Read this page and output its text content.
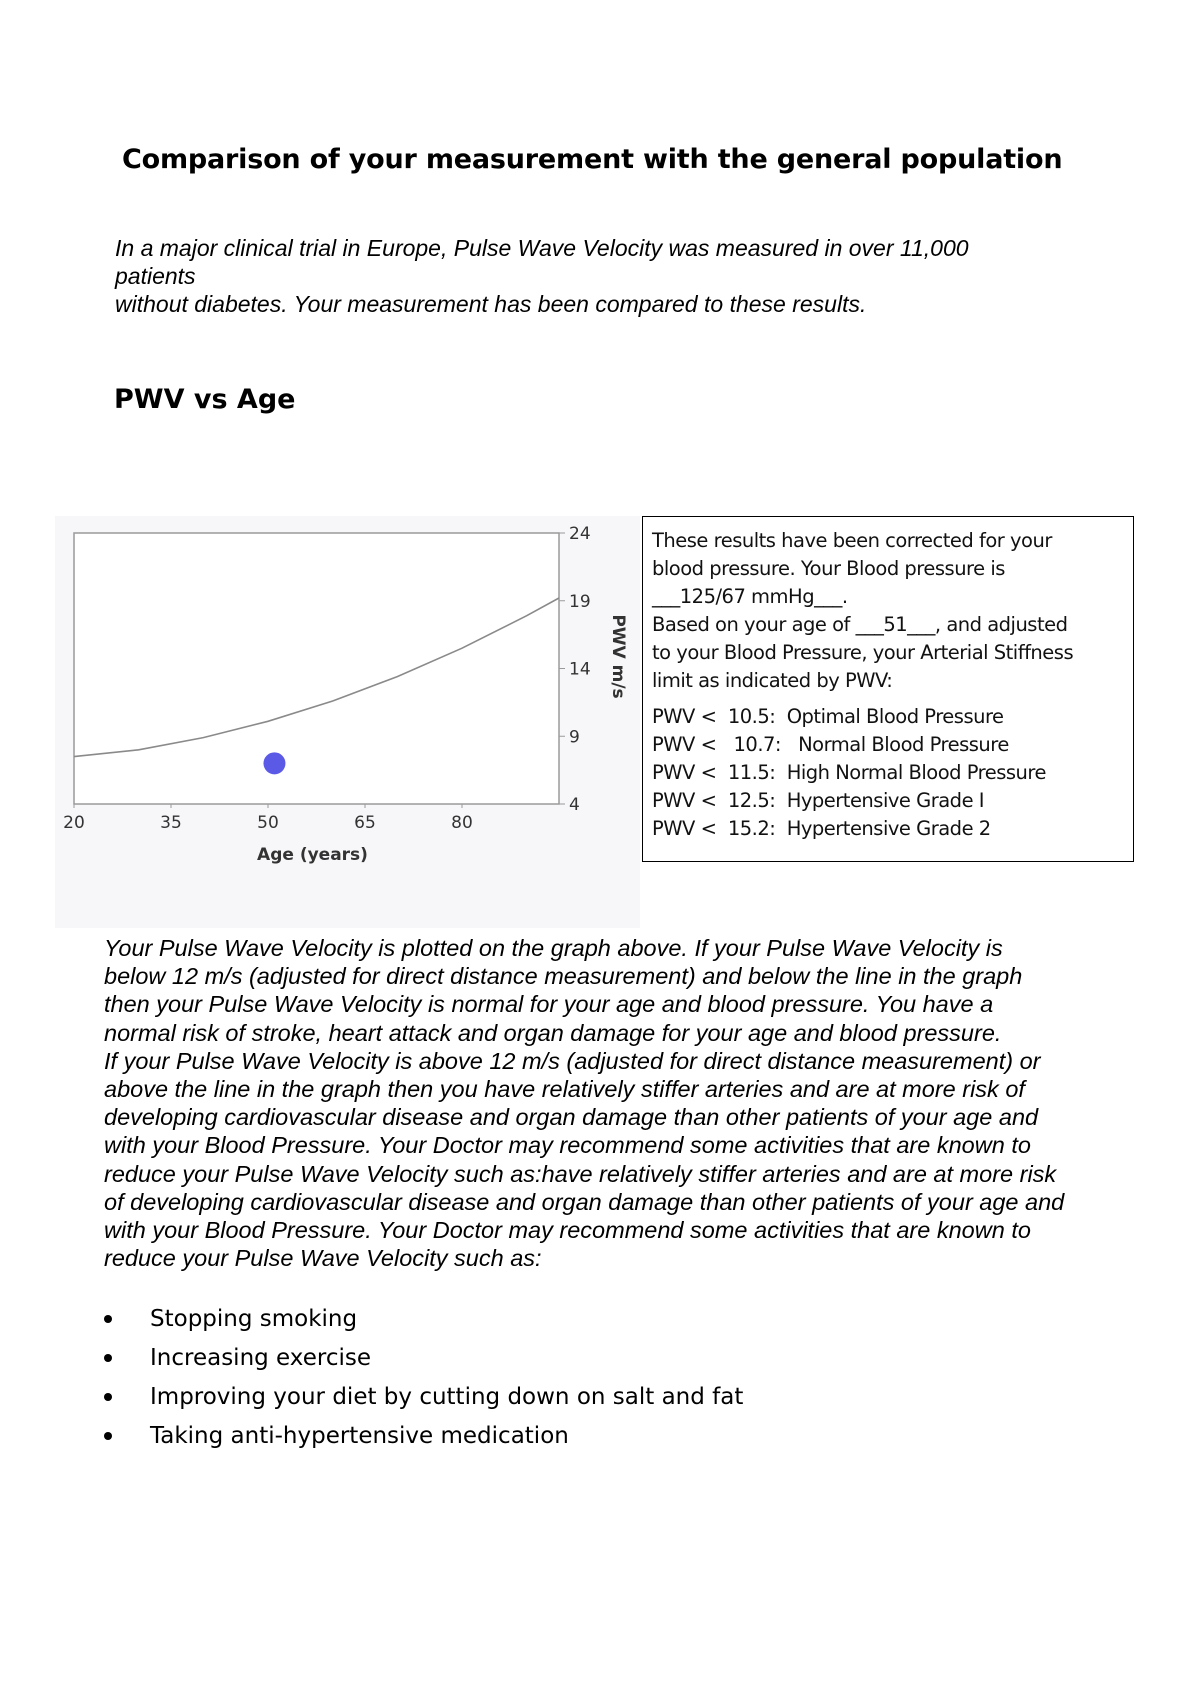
Comparison of your measurement with the general population
In a major clinical trial in Europe, Pulse Wave Velocity was measured in over 11,000
patients
without diabetes. Your measurement has been compared to these results.
PWV vs Age
20	35	50	65	80
4
9
14
19
24
Age (years)
PWV m/s

These results have been corrected for your

blood pressure. Your Blood pressure is

___125/67 mmHg___.

Based on your age of ___51___, and adjusted

to your Blood Pressure, your Arterial Stiffness

limit as indicated by PWV:

PWV <  10.5:  Optimal Blood Pressure
PWV <   10.7:   Normal Blood Pressure
PWV <  11.5:  High Normal Blood Pressure
PWV <  12.5:  Hypertensive Grade I
PWV <  15.2:  Hypertensive Grade 2

Your Pulse Wave Velocity is plotted on the graph above. If your Pulse Wave Velocity is

below 12 m/s (adjusted for direct distance measurement) and below the line in the graph

then your Pulse Wave Velocity is normal for your age and blood pressure. You have a

normal risk of stroke, heart attack and organ damage for your age and blood pressure.

If your Pulse Wave Velocity is above 12 m/s (adjusted for direct distance measurement) or

above the line in the graph then you have relatively stiffer arteries and are at more risk of

developing cardiovascular disease and organ damage than other patients of your age and

with your Blood Pressure. Your Doctor may recommend some activities that are known to

reduce your Pulse Wave Velocity such as:have relatively stiffer arteries and are at more risk

of developing cardiovascular disease and organ damage than other patients of your age and

with your Blood Pressure. Your Doctor may recommend some activities that are known to

reduce your Pulse Wave Velocity such as:

Stopping smoking
Increasing exercise
Improving your diet by cutting down on salt and fat
Taking anti-hypertensive medication
